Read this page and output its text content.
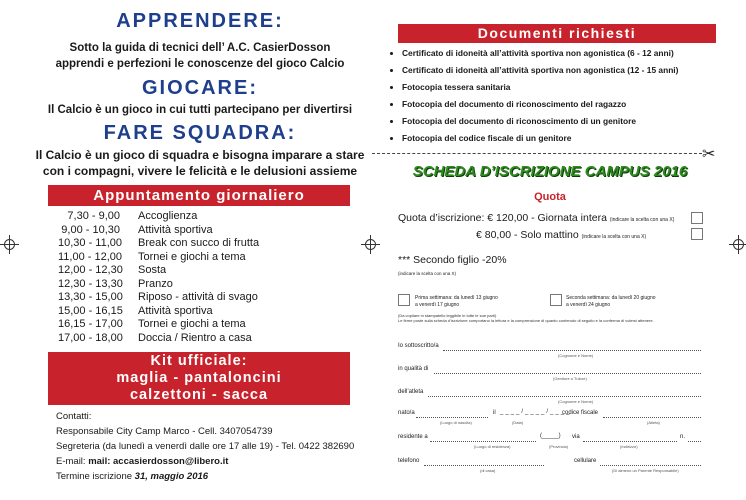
APPRENDERE:
Sotto la guida di tecnici dell’ A.C. CasierDosson
apprendi e perfezioni le conoscenze del gioco Calcio
GIOCARE:
Il Calcio è un gioco in cui tutti partecipano per divertirsi
FARE SQUADRA:
Il Calcio è un gioco di squadra e bisogna imparare a stare
con i compagni, vivere le felicità e le delusioni assieme
Appuntamento giornaliero
7,30 - 9,00 Accoglienza
9,00 - 10,30 Attività sportiva
10,30 - 11,00 Break con succo di frutta
11,00 - 12,00 Tornei e giochi a tema
12,00 - 12,30 Sosta
12,30 - 13,30 Pranzo
13,30 - 15,00 Riposo - attività di svago
15,00 - 16,15 Attività sportiva
16,15 - 17,00 Tornei e giochi a tema
17,00 - 18,00 Doccia / Rientro a casa
Kit ufficiale:
maglia - pantaloncini
calzettoni - sacca
Contatti:
Responsabile City Camp Marco - Cell. 3407054739
Segreteria (da lunedì a venerdì dalle ore 17 alle 19) - Tel. 0422 382690
E-mail: mail: accasierdosson@libero.it
Termine iscrizione 31, maggio 2016
Documenti richiesti
• Certificato di idoneità all’attività sportiva non agonistica (6 - 12 anni)
• Certificato di idoneità all’attività sportiva non agonistica (12 - 15 anni)
• Fotocopia tessera sanitaria
• Fotocopia del documento di riconoscimento del ragazzo
• Fotocopia del documento di riconoscimento di un genitore
• Fotocopia del codice fiscale di un genitore
✂
SCHEDA D’ISCRIZIONE CAMPUS 2016
Quota
Quota d’iscrizione: € 120,00 - Giornata intera (indicare la scelta con una X)
€ 80,00 - Solo mattino (indicare la scelta con una X)
*** Secondo figlio -20%
(indicare la scelta con una X)
Prima settimana: da lunedì 13 giugno
a venerdì 17 giugno
Seconda settimana: da lunedì 20 giugno
a venerdì 24 giugno
(Da copilare in stampatello leggibile in tutte le sue parti)
Le firme poste sulla scheda d’iscrizione comportano la lettura e la comprensione di quanto contenuto di seguito e la conferma di volersi attenere.
Io sottoscritto/a
(Cognome e Nome)
in qualità di
(Genitore o Tutore)
dell’atleta
(Cognome e Nome)
nato/a	il ____/____/____
codice fiscale
(Luogo di nascita)	(Data)	(Atleta)
residente a	(_____) via	n.
(Luogo di residenza)	(Provincia)	(Indirizzo)
telefono	cellulare
(di casa)	(Di almeno un Parente Responsabile)
